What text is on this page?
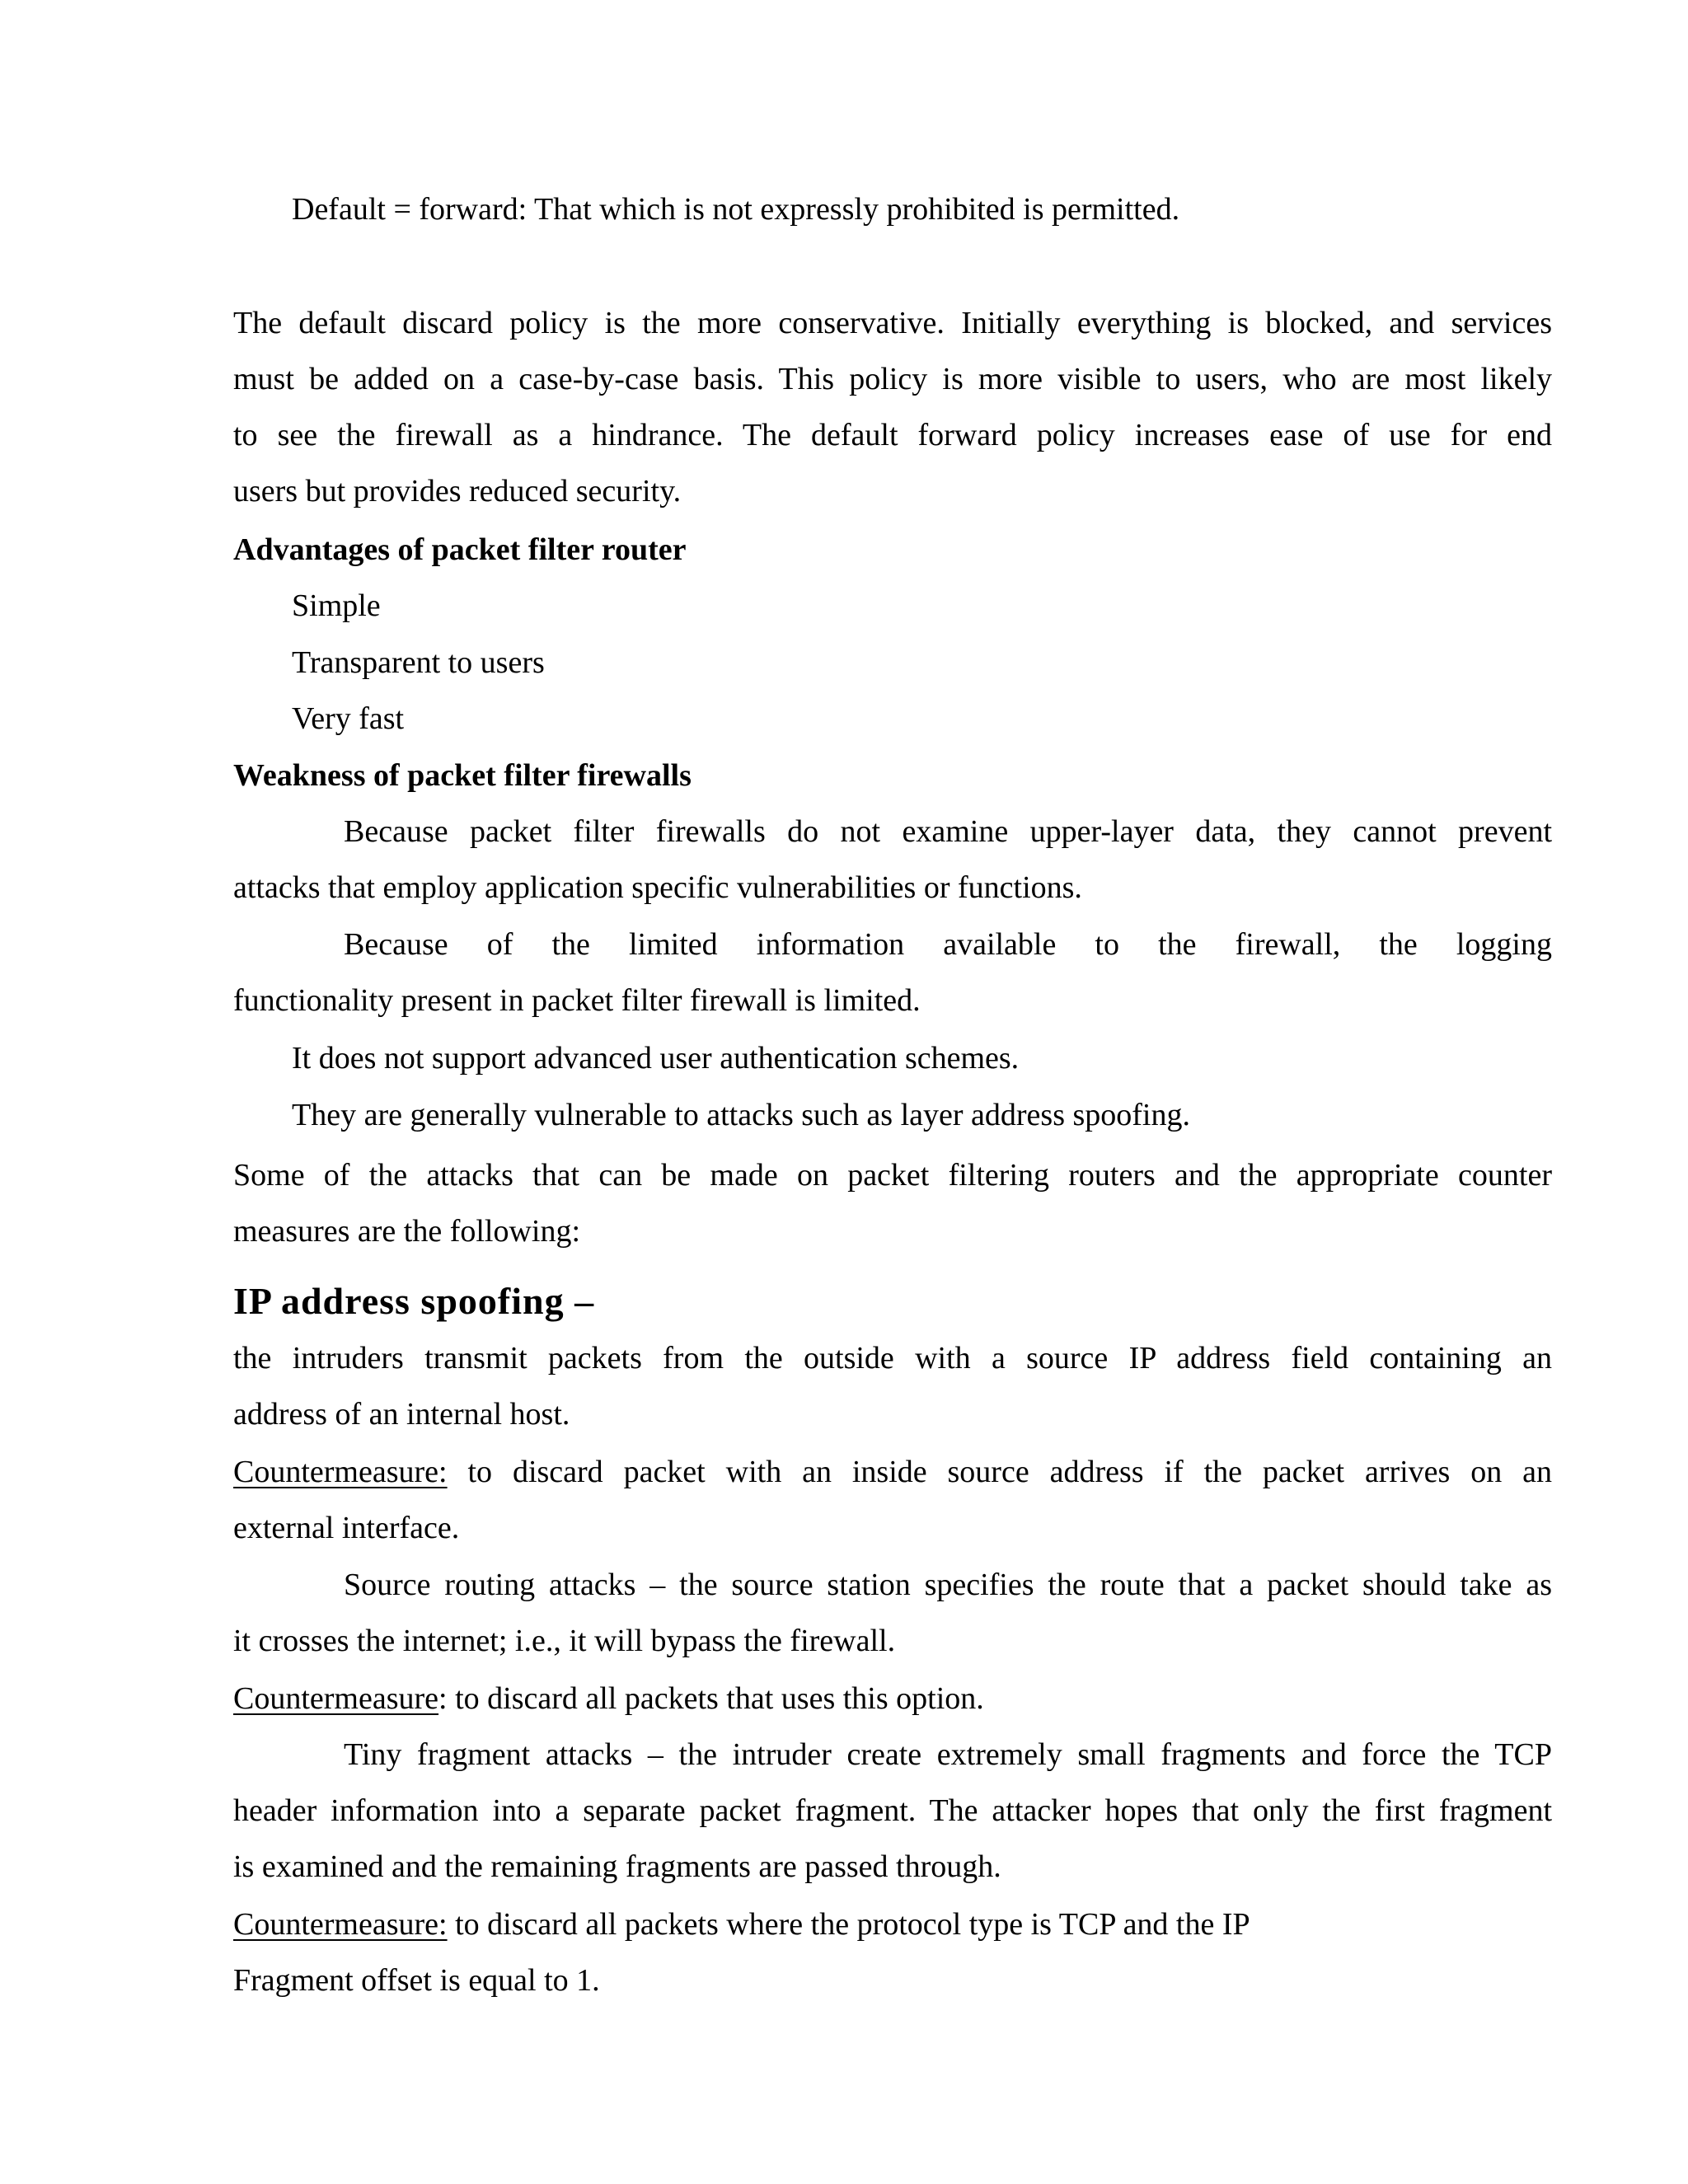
Default = forward: That which is not expressly prohibited is permitted.
The default discard policy is the more conservative. Initially everything is blocked, and services
must be added on a case-by-case basis. This policy is more visible to users, who are most likely
to see the firewall as a hindrance. The default forward policy increases ease of use for end
users but provides reduced security.
Advantages of packet filter router
Simple
Transparent to users
Very fast
Weakness of packet filter firewalls
Because packet filter firewalls do not examine upper-layer data, they cannot prevent
attacks that employ application specific vulnerabilities or functions.
Because of the limited information available to the firewall, the logging
functionality present in packet filter firewall is limited.
It does not support advanced user authentication schemes.
They are generally vulnerable to attacks such as layer address spoofing.
Some of the attacks that can be made on packet filtering routers and the appropriate counter
measures are the following:
IP address spoofing –
the intruders transmit packets from the outside with a source IP address field containing an
address of an internal host.
Countermeasure: to discard packet with an inside source address if the packet arrives on an
external interface.
Source routing attacks – the source station specifies the route that a packet should take as
it crosses the internet; i.e., it will bypass the firewall.
Countermeasure: to discard all packets that uses this option.
Tiny fragment attacks – the intruder create extremely small fragments and force the TCP
header information into a separate packet fragment. The attacker hopes that only the first fragment
is examined and the remaining fragments are passed through.
Countermeasure: to discard all packets where the protocol type is TCP and the IP
Fragment offset is equal to 1.
